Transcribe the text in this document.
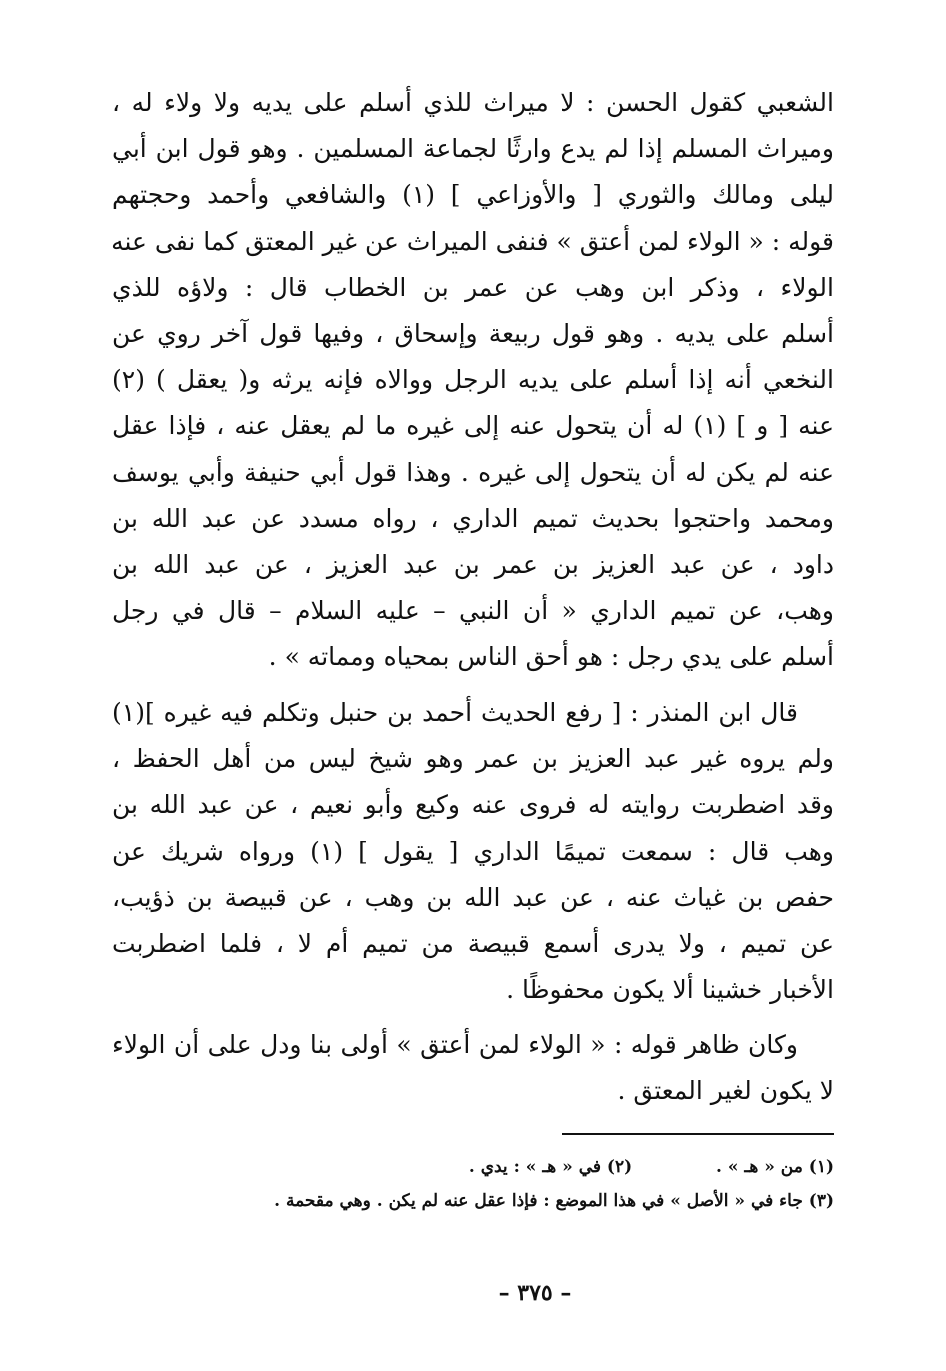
الشعبي كقول الحسن : لا ميراث للذي أسلم على يديه ولا ولاء له ،
وميراث المسلم إذا لم يدع وارثًا لجماعة المسلمين . وهو قول ابن أبي
ليلى ومالك والثوري [ والأوزاعي ] (١) والشافعي وأحمد وحجتهم
قوله : « الولاء لمن أعتق » فنفى الميراث عن غير المعتق كما نفى عنه
الولاء ، وذكر ابن وهب عن عمر بن الخطاب قال : ولاؤه للذي
أسلم على يديه . وهو قول ربيعة وإسحاق ، وفيها قول آخر روي عن
النخعي أنه إذا أسلم على يديه الرجل ووالاه فإنه يرثه و( يعقل ) (٢)
عنه [ و ] (١) له أن يتحول عنه إلى غيره ما لم يعقل عنه ، فإذا عقل
عنه لم يكن له أن يتحول إلى غيره . وهذا قول أبي حنيفة وأبي يوسف
ومحمد واحتجوا بحديث تميم الداري ، رواه مسدد عن عبد الله بن
داود ، عن عبد العزيز بن عمر بن عبد العزيز ، عن عبد الله بن
وهب، عن تميم الداري « أن النبي – عليه السلام – قال في رجل
أسلم على يدي رجل : هو أحق الناس بمحياه ومماته » .
قال ابن المنذر : [ رفع الحديث أحمد بن حنبل وتكلم فيه غيره ](١)
ولم يروه غير عبد العزيز بن عمر وهو شيخ ليس من أهل الحفظ ،
وقد اضطربت روايته له فروى عنه وكيع وأبو نعيم ، عن عبد الله بن
وهب قال : سمعت تميمًا الداري [ يقول ] (١) ورواه شريك عن
حفص بن غياث عنه ، عن عبد الله بن وهب ، عن قبيصة بن ذؤيب،
عن تميم ، ولا يدرى أسمع قبيصة من تميم أم لا ، فلما اضطربت
الأخبار خشينا ألا يكون محفوظًا .
وكان ظاهر قوله : « الولاء لمن أعتق » أولى بنا ودل على أن الولاء
لا يكون لغير المعتق .
(١) من « هـ » .  (٢) في « هـ » : يدي .
(٣) جاء في « الأصل » في هذا الموضع : فإذا عقل عنه لم يكن . وهي مقحمة .
– ٣٧٥ –
